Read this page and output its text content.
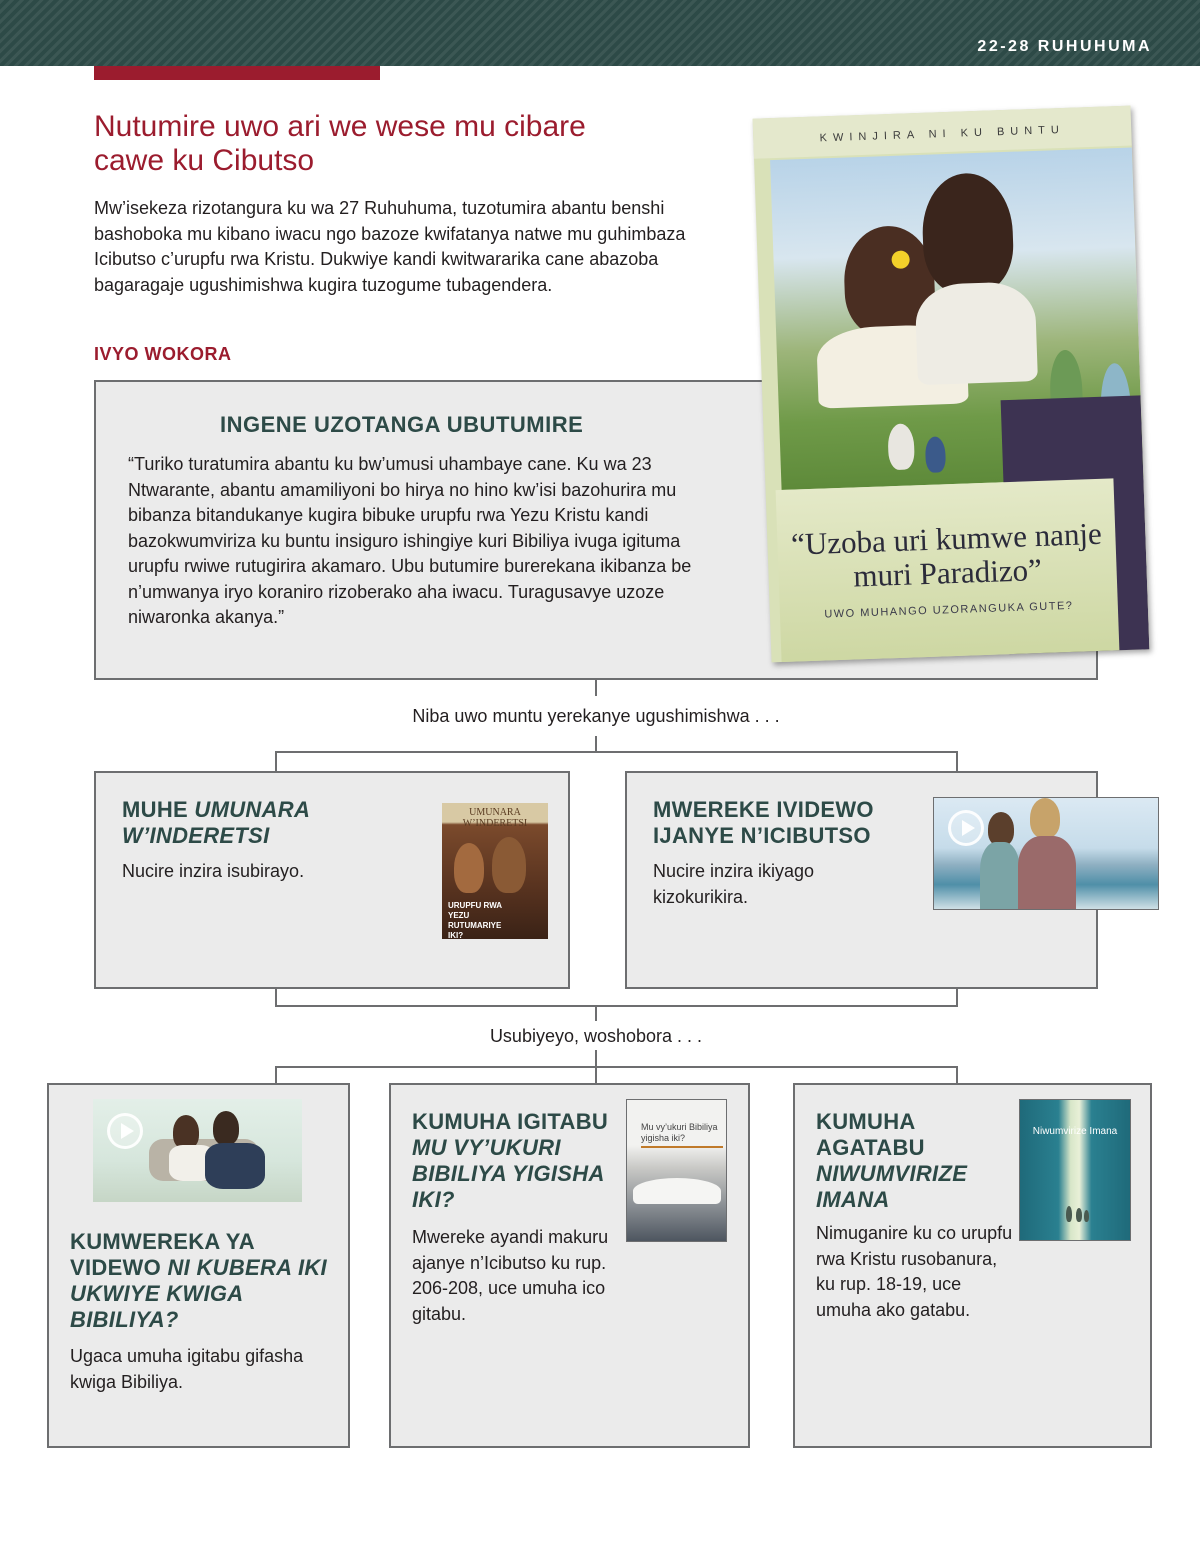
22-28 RUHUHUMA
Nutumire uwo ari we wese mu cibare cawe ku Cibutso

Mw’isekeza rizotangura ku wa 27 Ruhuhuma, tuzotumira abantu benshi bashoboka mu kibano iwacu ngo bazoze kwifatanya natwe mu guhimbaza Icibutso c’urupfu rwa Kristu. Dukwiye kandi kwitwararika cane abazoba bagaragaje ugushimishwa kugira tuzogume tubagendera.

IVYO WOKORA
INGENE UZOTANGA UBUTUMIRE

“Turiko turatumira abantu ku bw’umusi uhambaye cane. Ku wa 23 Ntwarante, abantu amamiliyoni bo hirya no hino kw’isi bazohurira mu bibanza bitandukanye kugira bibuke urupfu rwa Yezu Kristu kandi bazokwumviriza ku buntu insiguro ishingiye kuri Bibiliya ivuga igituma urupfu rwiwe rutugirira akamaro. Ubu butumire burerekana ikibanza be n’umwanya iryo koraniro rizoberako aha iwacu. Turagusavye uzoze niwaronka akanya.”

KWINJIRA NI KU BUNTU
“Uzoba uri kumwe nanje muri Paradizo”
UWO MUHANGO UZORANGUKA GUTE?
Niba uwo muntu yerekanye ugushimishwa . . .
MUHE UMUNARA W’INDERETSI
Nucire inzira isubirayo.
UMUNARA W’INDERETSI
URUPFU RWA YEZU RUTUMARIYE IKI?
MWEREKE IVIDEWO IJANYE N’ICIBUTSO
Nucire inzira ikiyago kizokurikira.
Usubiyeyo, woshobora . . .
KUMWEREKA YA VIDEWO NI KUBERA IKI UKWIYE KWIGA BIBILIYA?
Ugaca umuha igitabu gifasha kwiga Bibiliya.
KUMUHA IGITABU MU VY’UKURI BIBILIYA YIGISHA IKI?
Mwereke ayandi makuru ajanye n’Icibutso ku rup. 206-208, uce umuha ico gitabu.
Mu vy’ukuri Bibiliya yigisha iki?
KUMUHA AGATABU NIWUMVIRIZE IMANA
Nimuganire ku co urupfu rwa Kristu rusobanura, ku rup. 18-19, uce umuha ako gatabu.
Niwumvirize Imana
